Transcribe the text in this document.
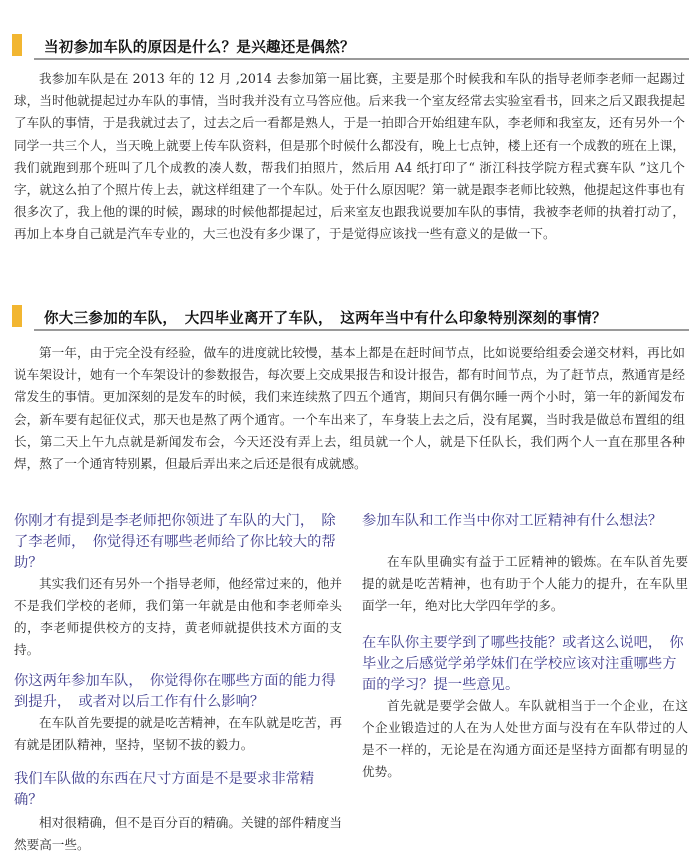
当初参加车队的原因是什么？是兴趣还是偶然？
我参加车队是在 2013 年的 12 月 ,2014 去参加第一届比赛，主要是那个时候我和车队的指导老师李老师一起踢过球，当时他就提起过办车队的事情，当时我并没有立马答应他。后来我一个室友经常去实验室看书，回来之后又跟我提起了车队的事情，于是我就过去了，过去之后一看都是熟人，于是一拍即合开始组建车队，李老师和我室友，还有另外一个同学一共三个人，当天晚上就要上传车队资料，但是那个时候什么都没有，晚上七点钟，楼上还有一个成教的班在上课，我们就跑到那个班叫了几个成教的凑人数，帮我们拍照片，然后用 A4 纸打印了“ 浙江科技学院方程式赛车队 ”这几个字，就这么拍了个照片传上去，就这样组建了一个车队。处于什么原因呢？第一就是跟李老师比较熟，他提起这件事也有很多次了，我上他的课的时候，踢球的时候他都提起过，后来室友也跟我说要加车队的事情，我被李老师的执着打动了，再加上本身自己就是汽车专业的，大三也没有多少课了，于是觉得应该找一些有意义的是做一下。
你大三参加的车队，　大四毕业离开了车队，　这两年当中有什么印象特别深刻的事情？
第一年，由于完全没有经验，做车的进度就比较慢，基本上都是在赶时间节点，比如说要给组委会递交材料，再比如说车架设计，她有一个车架设计的参数报告，每次要上交成果报告和设计报告，都有时间节点，为了赶节点，熬通宵是经常发生的事情。更加深刻的是发车的时候，我们来连续熬了四五个通宵，期间只有偶尔睡一两个小时，第一年的新闻发布会，新车要有起征仪式，那天也是熬了两个通宵。一个车出来了，车身装上去之后，没有尾翼，当时我是做总布置组的组长，第二天上午九点就是新闻发布会，今天还没有弄上去，组员就一个人，就是下任队长，我们两个人一直在那里各种焊，熬了一个通宵特别累，但最后弄出来之后还是很有成就感。
你刚才有提到是李老师把你领进了车队的大门，　除了李老师，　你觉得还有哪些老师给了你比较大的帮助？
其实我们还有另外一个指导老师，他经常过来的，他并不是我们学校的老师，我们第一年就是由他和李老师牵头的，李老师提供校方的支持，黄老师就提供技术方面的支持。
你这两年参加车队，　你觉得你在哪些方面的能力得到提升，　或者对以后工作有什么影响？
在车队首先要提的就是吃苦精神，在车队就是吃苦，再有就是团队精神，坚持，坚韧不拔的毅力。
我们车队做的东西在尺寸方面是不是要求非常精确？
相对很精确，但不是百分百的精确。关键的部件精度当然要高一些。
参加车队和工作当中你对工匠精神有什么想法？
在车队里确实有益于工匠精神的锻炼。在车队首先要提的就是吃苦精神，也有助于个人能力的提升，在车队里面学一年，绝对比大学四年学的多。
在车队你主要学到了哪些技能？或者这么说吧，　你毕业之后感觉学弟学妹们在学校应该对注重哪些方面的学习？提一些意见。
首先就是要学会做人。车队就相当于一个企业，在这个企业锻造过的人在为人处世方面与没有在车队带过的人是不一样的，无论是在沟通方面还是坚持方面都有明显的优势。
